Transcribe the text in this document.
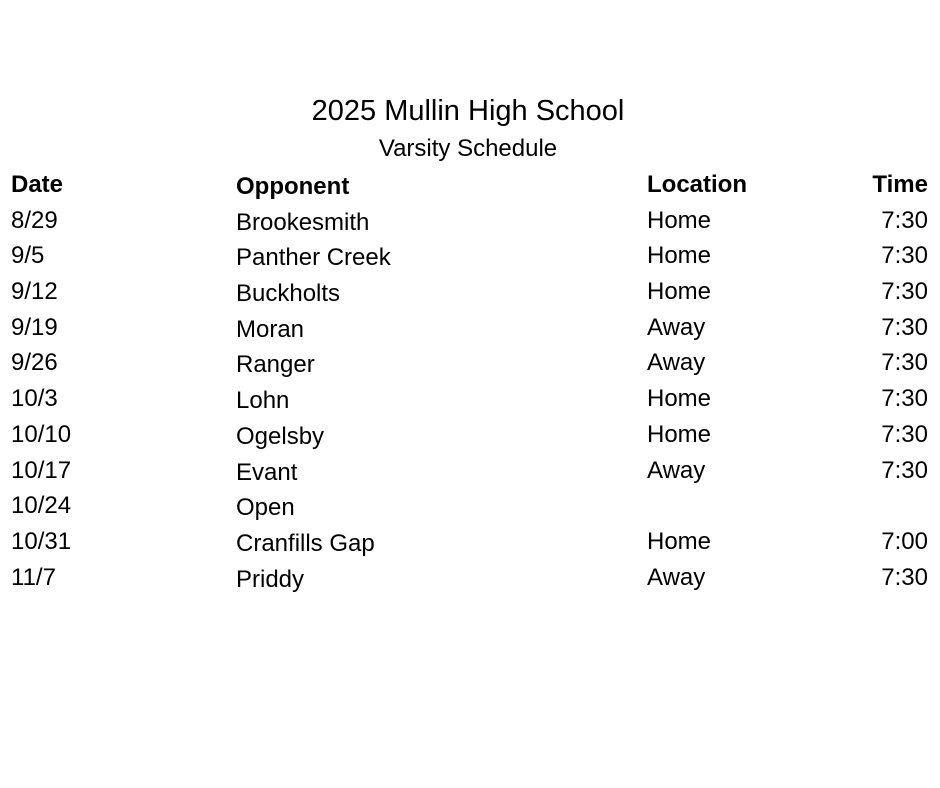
2025 Mullin High School
Varsity Schedule
Date	Opponent	Location	Time
8/29	Brookesmith	Home	7:30
9/5	Panther Creek	Home	7:30
9/12	Buckholts	Home	7:30
9/19	Moran	Away	7:30
9/26	Ranger	Away	7:30
10/3	Lohn	Home	7:30
10/10	Ogelsby	Home	7:30
10/17	Evant	Away	7:30
10/24	Open
10/31	Cranfills Gap	Home	7:00
11/7	Priddy	Away	7:30
